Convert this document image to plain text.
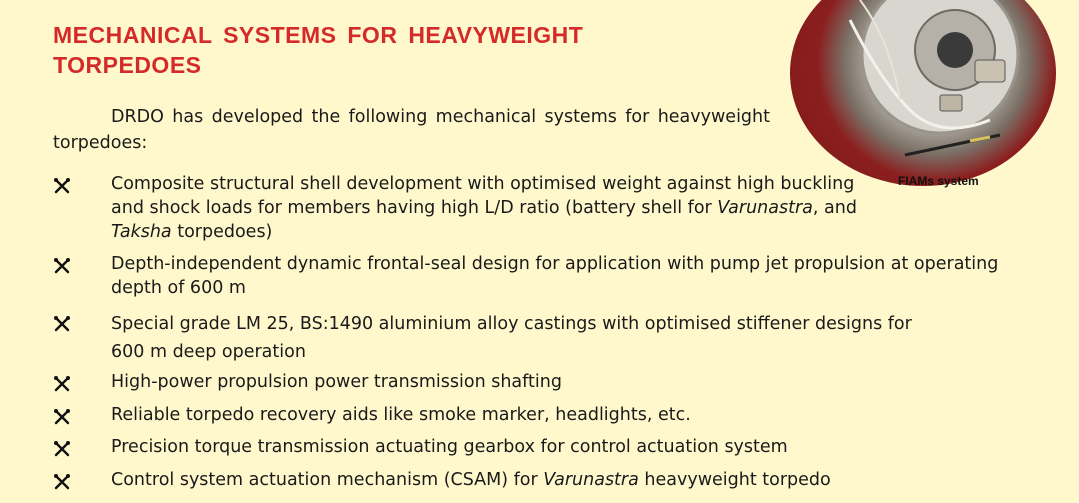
MECHANICAL SYSTEMS FOR HEAVYWEIGHT
TORPEDOES

DRDO has developed the following mechanical systems for heavyweight torpedoes:

FIAMs system

Composite structural shell development with optimised weight against high buckling and shock loads for members having high L/D ratio (battery shell for Varunastra, and Taksha torpedoes)
Depth-independent dynamic frontal-seal design for application with pump jet propulsion at operating depth of 600 m
Special grade LM 25, BS:1490 aluminium alloy castings with optimised stiffener designs for 600 m deep operation
High-power propulsion power transmission shafting
Reliable torpedo recovery aids like smoke marker, headlights, etc.
Precision torque transmission actuating gearbox for control actuation system
Control system actuation mechanism (CSAM) for Varunastra heavyweight torpedo
